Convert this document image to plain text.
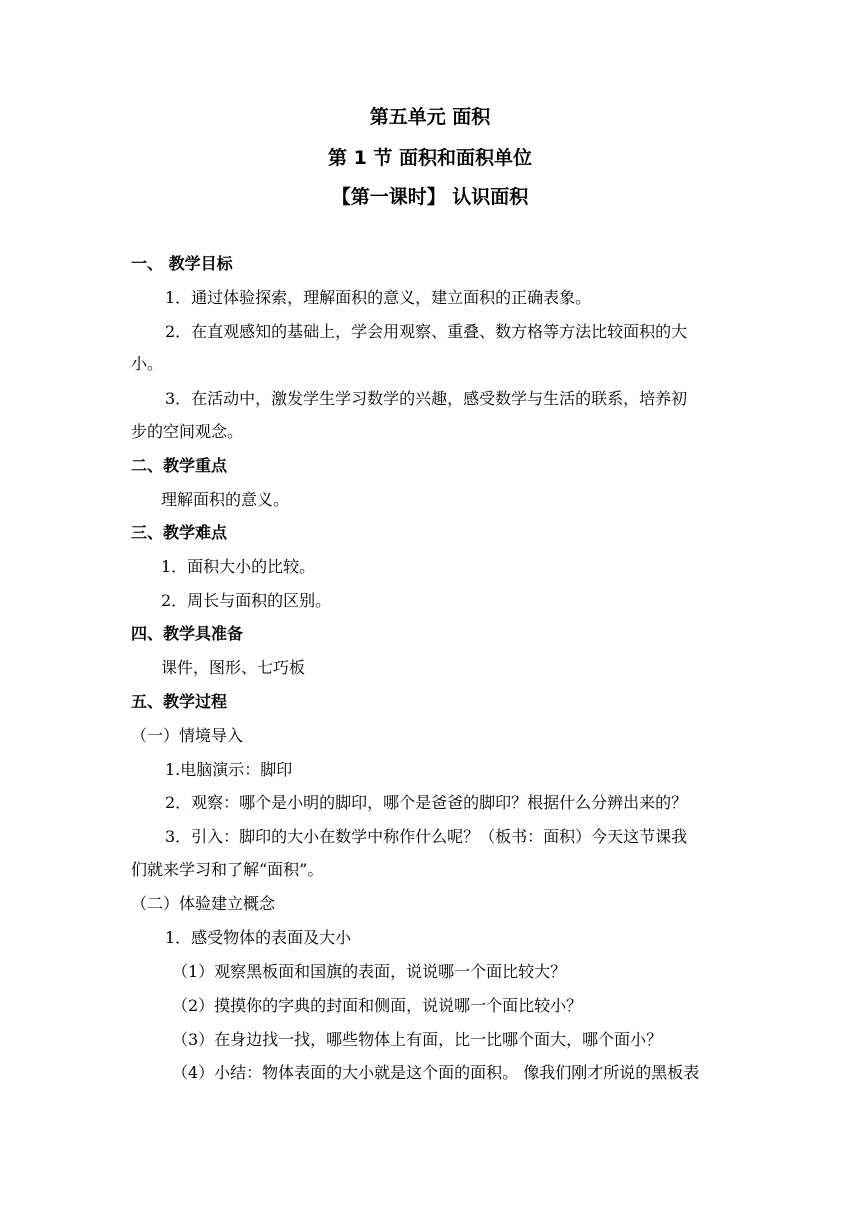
第五单元 面积
第 1 节 面积和面积单位
【第一课时】 认识面积
一、 教学目标
1．通过体验探索，理解面积的意义，建立面积的正确表象。
2．在直观感知的基础上，学会用观察、重叠、数方格等方法比较面积的大
小。
3．在活动中，激发学生学习数学的兴趣，感受数学与生活的联系，培养初
步的空间观念。
二、教学重点
理解面积的意义。
三、教学难点
1．面积大小的比较。
2．周长与面积的区别。
四、教学具准备
课件，图形、七巧板
五、教学过程
（一）情境导入
1.电脑演示：脚印
2．观察：哪个是小明的脚印，哪个是爸爸的脚印？根据什么分辨出来的？
3．引入：脚印的大小在数学中称作什么呢？（板书：面积）今天这节课我
们就来学习和了解“面积”。
（二）体验建立概念
1．感受物体的表面及大小
（1）观察黑板面和国旗的表面，说说哪一个面比较大？
（2）摸摸你的字典的封面和侧面，说说哪一个面比较小？
（3）在身边找一找，哪些物体上有面，比一比哪个面大，哪个面小？
（4）小结：物体表面的大小就是这个面的面积。 像我们刚才所说的黑板表
